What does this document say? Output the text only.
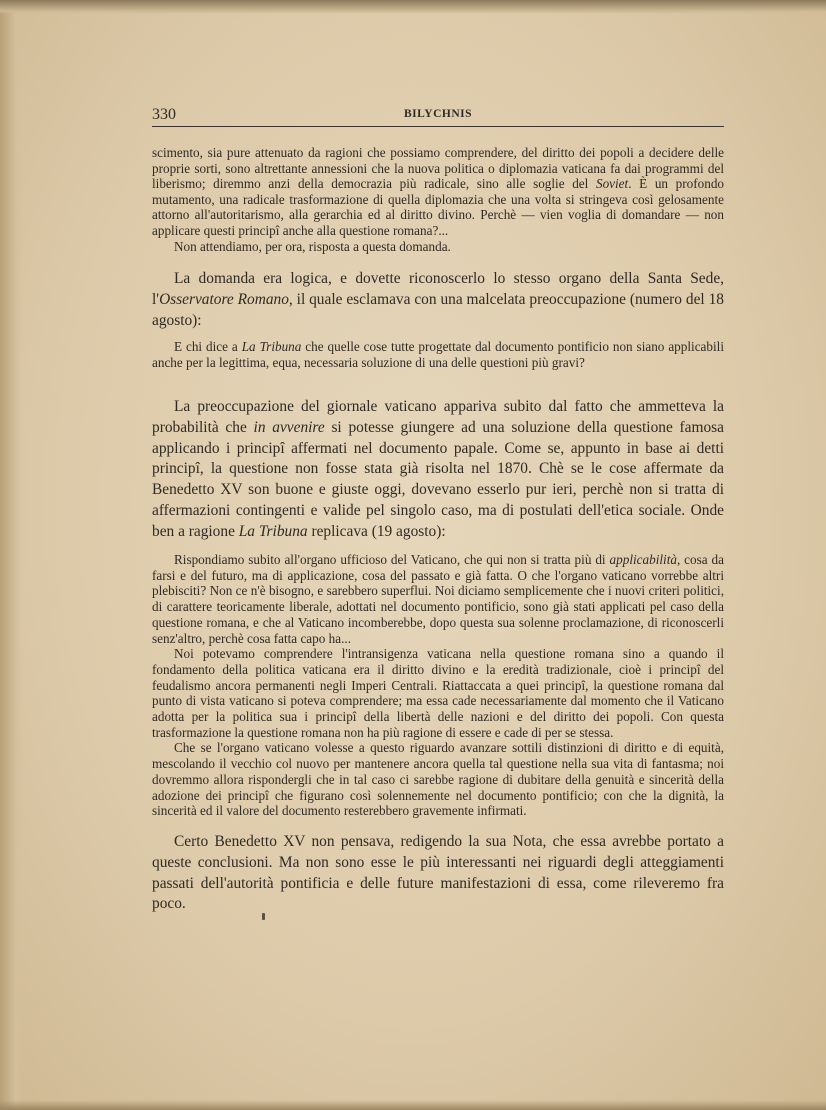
330	BILYCHNIS

scimento, sia pure attenuato da ragioni che possiamo comprendere, del diritto dei popoli a decidere delle proprie sorti, sono altrettante annessioni che la nuova politica o diplomazia vaticana fa dai programmi del liberismo; diremmo anzi della democrazia più radicale, sino alle soglie del Soviet. È un profondo mutamento, una radicale trasformazione di quella diplomazia che una volta si stringeva così gelosamente attorno all'autoritarismo, alla gerarchia ed al diritto divino. Perchè — vien voglia di domandare — non applicare questi principî anche alla questione romana?...

Non attendiamo, per ora, risposta a questa domanda.

La domanda era logica, e dovette riconoscerlo lo stesso organo della Santa Sede, l'Osservatore Romano, il quale esclamava con una malcelata preoccupazione (numero del 18 agosto):

E chi dice a La Tribuna che quelle cose tutte progettate dal documento pontificio non siano applicabili anche per la legittima, equa, necessaria soluzione di una delle questioni più gravi?

La preoccupazione del giornale vaticano appariva subito dal fatto che ammetteva la probabilità che in avvenire si potesse giungere ad una soluzione della questione famosa applicando i principî affermati nel documento papale. Come se, appunto in base ai detti principî, la questione non fosse stata già risolta nel 1870. Chè se le cose affermate da Benedetto XV son buone e giuste oggi, dovevano esserlo pur ieri, perchè non si tratta di affermazioni contingenti e valide pel singolo caso, ma di postulati dell'etica sociale. Onde ben a ragione La Tribuna replicava (19 agosto):

Rispondiamo subito all'organo ufficioso del Vaticano, che qui non si tratta più di applicabilità, cosa da farsi e del futuro, ma di applicazione, cosa del passato e già fatta. O che l'organo vaticano vorrebbe altri plebisciti? Non ce n'è bisogno, e sarebbero superflui. Noi diciamo semplicemente che i nuovi criteri politici, di carattere teoricamente liberale, adottati nel documento pontificio, sono già stati applicati pel caso della questione romana, e che al Vaticano incomberebbe, dopo questa sua solenne proclamazione, di riconoscerli senz'altro, perchè cosa fatta capo ha...

Noi potevamo comprendere l'intransigenza vaticana nella questione romana sino a quando il fondamento della politica vaticana era il diritto divino e la eredità tradizionale, cioè i principî del feudalismo ancora permanenti negli Imperi Centrali. Riattaccata a quei principî, la questione romana dal punto di vista vaticano si poteva comprendere; ma essa cade necessariamente dal momento che il Vaticano adotta per la politica sua i principî della libertà delle nazioni e del diritto dei popoli. Con questa trasformazione la questione romana non ha più ragione di essere e cade di per se stessa.

Che se l'organo vaticano volesse a questo riguardo avanzare sottili distinzioni di diritto e di equità, mescolando il vecchio col nuovo per mantenere ancora quella tal questione nella sua vita di fantasma; noi dovremmo allora rispondergli che in tal caso ci sarebbe ragione di dubitare della genuità e sincerità della adozione dei principî che figurano così solennemente nel documento pontificio; con che la dignità, la sincerità ed il valore del documento resterebbero gravemente infirmati.

Certo Benedetto XV non pensava, redigendo la sua Nota, che essa avrebbe portato a queste conclusioni. Ma non sono esse le più interessanti nei riguardi degli atteggiamenti passati dell'autorità pontificia e delle future manifestazioni di essa, come rileveremo fra poco.
